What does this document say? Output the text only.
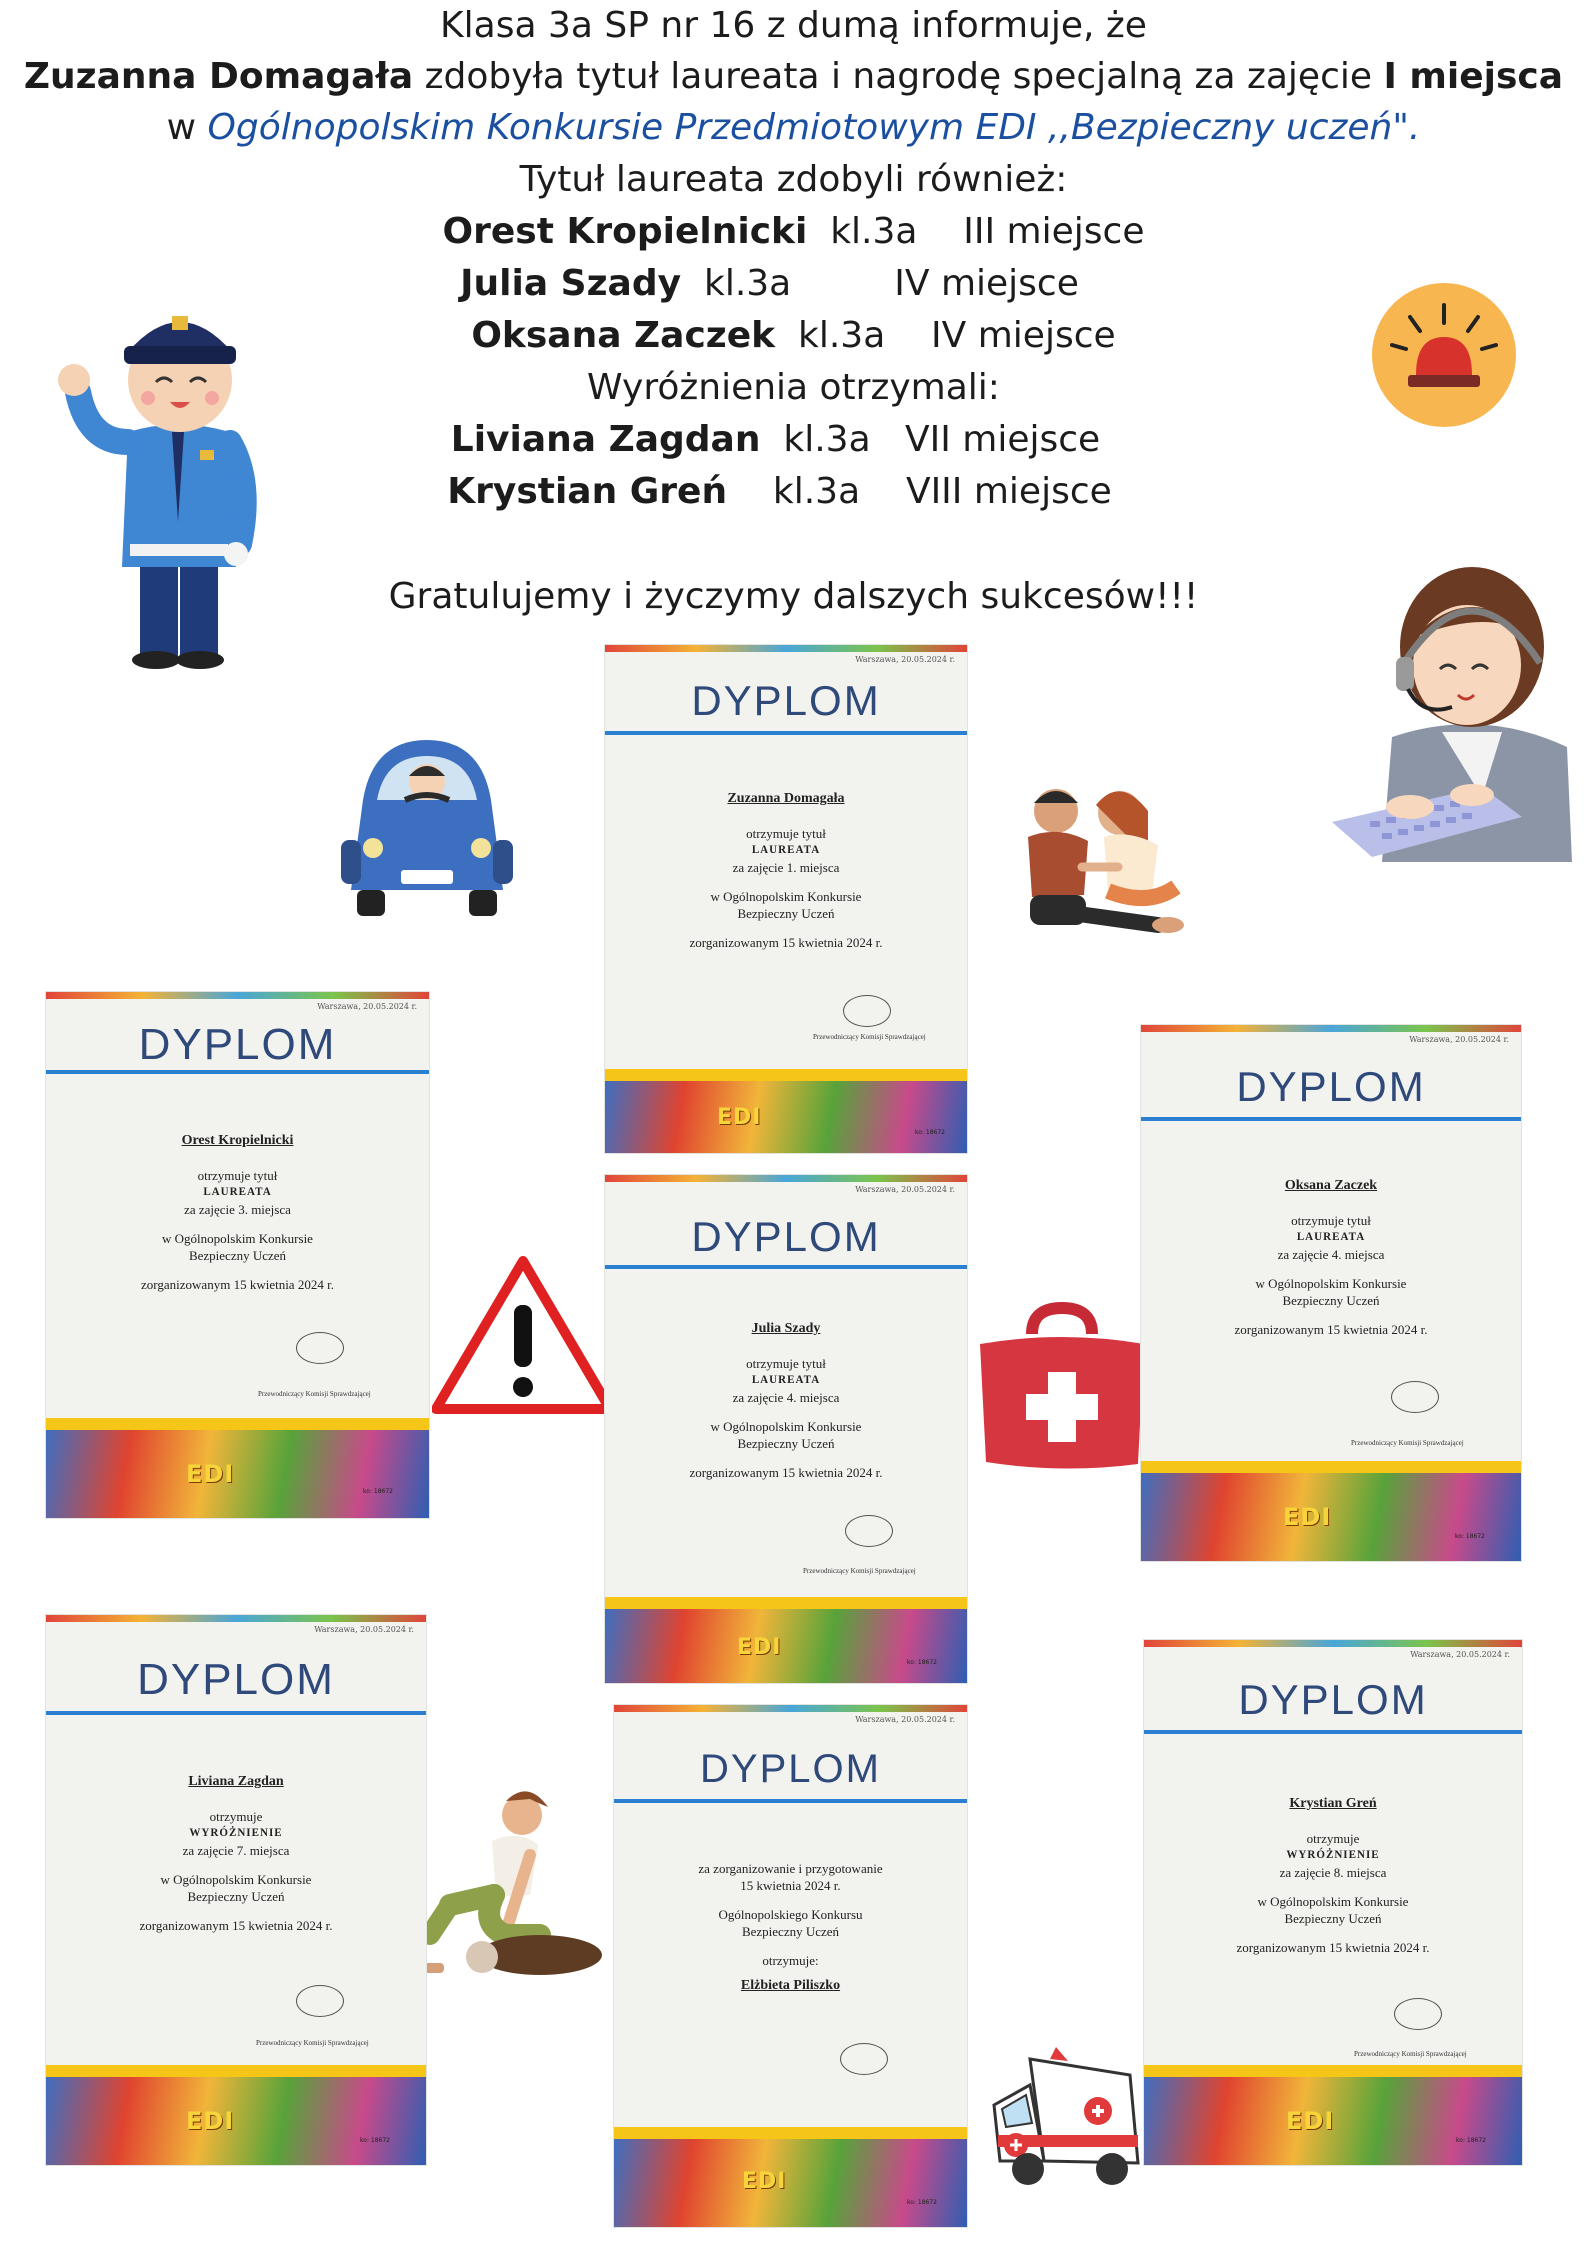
Klasa 3a SP nr 16 z dumą informuje, że
Zuzanna Domagała zdobyła tytuł laureata i nagrodę specjalną za zajęcie I miejsca
w Ogólnopolskim Konkursie Przedmiotowym EDI ,,Bezpieczny uczeń".
Tytuł laureata zdobyli również:
Orest Kropielnicki kl.3a III miejsce
Julia Szady kl.3a	IV miejsce
Oksana Zaczek kl.3a IV miejsce
Wyróżnienia otrzymali:
Liviana Zagdan kl.3a VII miejsce
Krystian Greń kl.3a VIII miejsce
Gratulujemy i życzymy dalszych sukcesów!!!
Warszawa, 20.05.2024 r.
DYPLOM

Zuzanna Domagała

otrzymuje tytuł

LAUREATA

za zajęcie 1. miejsca

w Ogólnopolskim Konkursie

Bezpieczny Uczeń

zorganizowanym 15 kwietnia 2024 r.

Przewodniczący Komisji Sprawdzającej
EDI
ko: 18672
Warszawa, 20.05.2024 r.
DYPLOM

Orest Kropielnicki

otrzymuje tytuł

LAUREATA

za zajęcie 3. miejsca

w Ogólnopolskim Konkursie

Bezpieczny Uczeń

zorganizowanym 15 kwietnia 2024 r.

Przewodniczący Komisji Sprawdzającej
EDI
ko: 18672
Warszawa, 20.05.2024 r.
DYPLOM

Oksana Zaczek

otrzymuje tytuł

LAUREATA

za zajęcie 4. miejsca

w Ogólnopolskim Konkursie

Bezpieczny Uczeń

zorganizowanym 15 kwietnia 2024 r.

Przewodniczący Komisji Sprawdzającej
EDI
ko: 18672
Warszawa, 20.05.2024 r.
DYPLOM

Julia Szady

otrzymuje tytuł

LAUREATA

za zajęcie 4. miejsca

w Ogólnopolskim Konkursie

Bezpieczny Uczeń

zorganizowanym 15 kwietnia 2024 r.

Przewodniczący Komisji Sprawdzającej
EDI
ko: 18672
Warszawa, 20.05.2024 r.
DYPLOM

Liviana Zagdan

otrzymuje

WYRÓŻNIENIE

za zajęcie 7. miejsca

w Ogólnopolskim Konkursie

Bezpieczny Uczeń

zorganizowanym 15 kwietnia 2024 r.

Przewodniczący Komisji Sprawdzającej
EDI
ko: 18672
Warszawa, 20.05.2024 r.
DYPLOM

za zorganizowanie i przygotowanie

15 kwietnia 2024 r.

Ogólnopolskiego Konkursu

Bezpieczny Uczeń

otrzymuje:

Elżbieta Piliszko

EDI
ko: 18672
Warszawa, 20.05.2024 r.
DYPLOM

Krystian Greń

otrzymuje

WYRÓŻNIENIE

za zajęcie 8. miejsca

w Ogólnopolskim Konkursie

Bezpieczny Uczeń

zorganizowanym 15 kwietnia 2024 r.

Przewodniczący Komisji Sprawdzającej
EDI
ko: 18672
